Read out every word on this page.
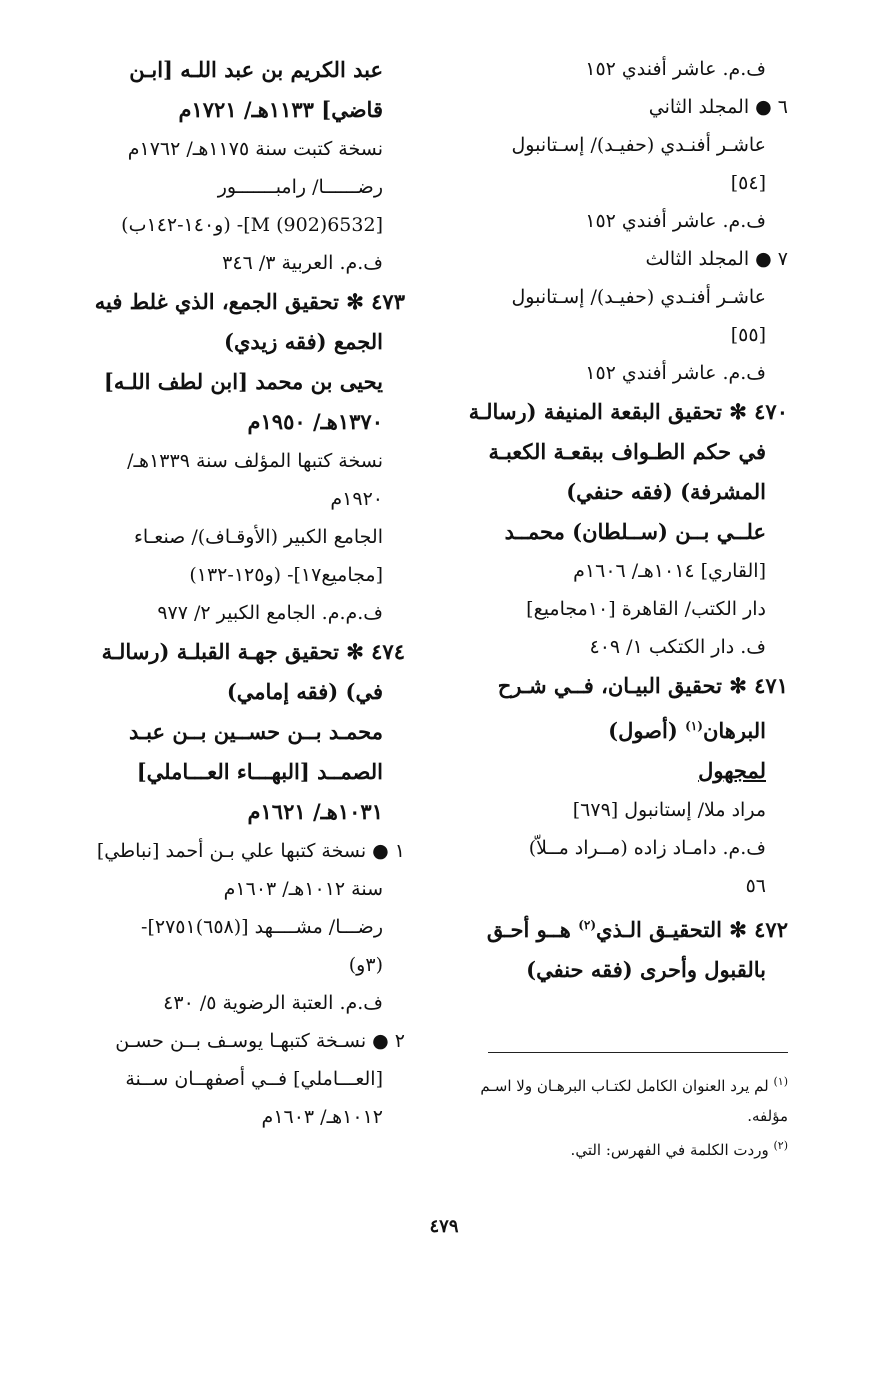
ف.م. عاشر أفندي ١٥٢
٦ ● المجلد الثاني
عاشـر أفنـدي (حفيـد)/ إسـتانبول
[٥٤]
ف.م. عاشر أفندي ١٥٢
٧ ● المجلد الثالث
عاشـر أفنـدي (حفيـد)/ إسـتانبول
[٥٥]
ف.م. عاشر أفندي ١٥٢
٤٧٠ ✻ تحقيق البقعة المنيفة (رسالـة
في حكم الطـواف ببقعـة الكعبـة
المشرفة) (فقه حنفي)
علــي بــن (ســلطان) محمــد
[القاري] ١٠١٤هـ/ ١٦٠٦م
دار الكتب/ القاهرة [١٠مجاميع]
ف. دار الكتكب ١/ ٤٠٩
٤٧١ ✻ تحقيق البيـان، فــي شـرح
البرهان$^{(١)}$ (أصول)
لمجهول
مراد ملا/ إستانبول [٦٧٩]
ف.م. دامـاد زاده (مــراد مــلاّ)
٥٦
٤٧٢ ✻ التحقيـق الـذي$^{(٢)}$ هــو أحـق
بالقبول وأحرى (فقه حنفي)
عبد الكريم بن عبد اللـه [ابـن
قاضي] ١١٣٣هـ/ ١٧٢١م
نسخة كتبت سنة ١١٧٥هـ/ ١٧٦٢م
رضــــــا/ رامبـــــــور
[M (902)6532]- (و١٤٠-١٤٢ب)
ف.م. العربية ٣/ ٣٤٦
٤٧٣ ✻ تحقيق الجمع، الذي غلط فيه
الجمع (فقه زيدي)
يحيى بن محمد [ابن لطف اللـه]
١٣٧٠هـ/ ١٩٥٠م
نسخة كتبها المؤلف سنة ١٣٣٩هـ/
١٩٢٠م
الجامع الكبير (الأوقـاف)/ صنعـاء
[مجاميع١٧]- (و١٢٥-١٣٢)
ف.م.م. الجامع الكبير ٢/ ٩٧٧
٤٧٤ ✻ تحقيق جهـة القبلـة (رسالـة
في) (فقه إمامي)
محمـد بــن حســين بــن عبـد
الصمــد [البهـــاء العـــاملي]
١٠٣١هـ/ ١٦٢١م
١ ● نسخة كتبها علي بـن أحمد [نباطي]
سنة ١٠١٢هـ/ ١٦٠٣م
رضـــا/ مشــــهد [(٦٥٨)٢٧٥١]-
(٣و)
ف.م. العتبة الرضوية ٥/ ٤٣٠
٢ ● نسـخة كتبهـا يوسـف بــن حسـن
[العـــاملي] فــي أصفهــان ســنة
١٠١٢هـ/ ١٦٠٣م
$^{(١)}$ لم يرد العنوان الكامل لكتـاب البرهـان ولا اسـم
مؤلفه.
$^{(٢)}$ وردت الكلمة في الفهرس: التي.
٤٧٩
